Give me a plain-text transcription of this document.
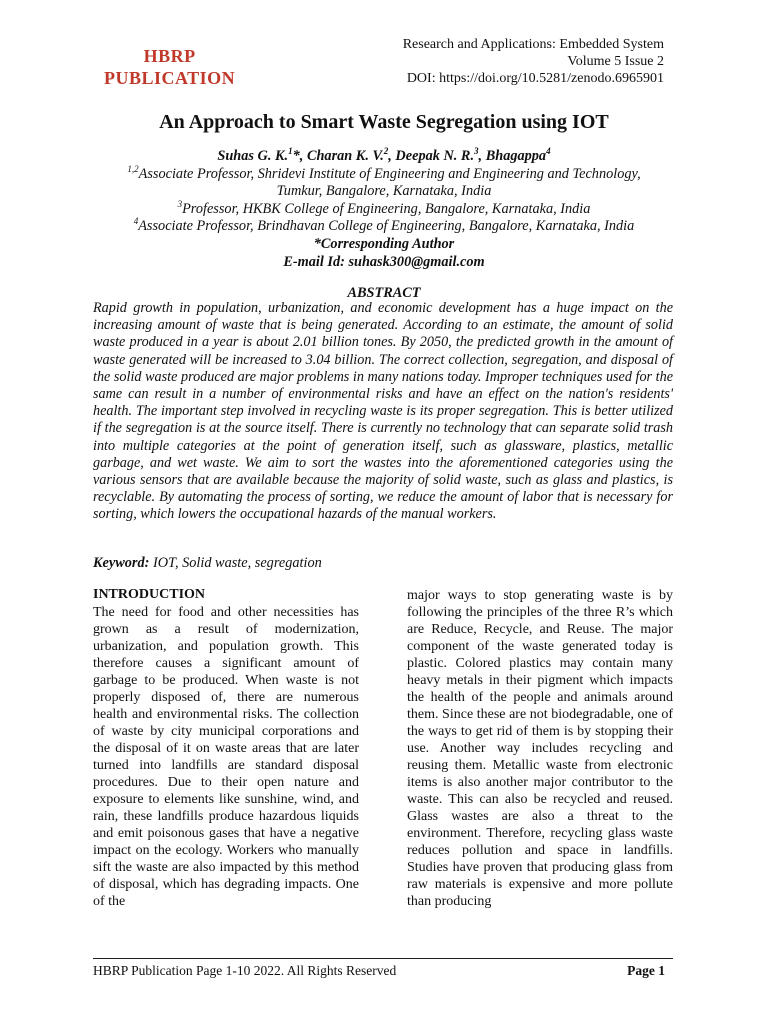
HBRP
PUBLICATION
Research and Applications: Embedded System
Volume 5 Issue 2
DOI: https://doi.org/10.5281/zenodo.6965901
An Approach to Smart Waste Segregation using IOT
Suhas G. K.$^1$*, Charan K. V.$^2$, Deepak N. R.$^3$, Bhagappa$^4$
$^{1,2}$Associate Professor, Shridevi Institute of Engineering and Engineering and Technology,
Tumkur, Bangalore, Karnataka, India
$^3$Professor, HKBK College of Engineering, Bangalore, Karnataka, India
$^4$Associate Professor, Brindhavan College of Engineering, Bangalore, Karnataka, India
*Corresponding Author
E-mail Id: suhask300@gmail.com
ABSTRACT

Rapid growth in population, urbanization, and economic development has a huge impact on the increasing amount of waste that is being generated. According to an estimate, the amount of solid waste produced in a year is about 2.01 billion tones. By 2050, the predicted growth in the amount of waste generated will be increased to 3.04 billion. The correct collection, segregation, and disposal of the solid waste produced are major problems in many nations today. Improper techniques used for the same can result in a number of environmental risks and have an effect on the nation's residents' health. The important step involved in recycling waste is its proper segregation. This is better utilized if the segregation is at the source itself. There is currently no technology that can separate solid trash into multiple categories at the point of generation itself, such as glassware, plastics, metallic garbage, and wet waste. We aim to sort the wastes into the aforementioned categories using the various sensors that are available because the majority of solid waste, such as glass and plastics, is recyclable. By automating the process of sorting, we reduce the amount of labor that is necessary for sorting, which lowers the occupational hazards of the manual workers.

Keyword: IOT, Solid waste, segregation
INTRODUCTION

The need for food and other necessities has grown as a result of modernization, urbanization, and population growth. This therefore causes a significant amount of garbage to be produced. When waste is not properly disposed of, there are numerous health and environmental risks. The collection of waste by city municipal corporations and the disposal of it on waste areas that are later turned into landfills are standard disposal procedures. Due to their open nature and exposure to elements like sunshine, wind, and rain, these landfills produce hazardous liquids and emit poisonous gases that have a negative impact on the ecology. Workers who manually sift the waste are also impacted by this method of disposal, which has degrading impacts. One of the

major ways to stop generating waste is by following the principles of the three R’s which are Reduce, Recycle, and Reuse. The major component of the waste generated today is plastic. Colored plastics may contain many heavy metals in their pigment which impacts the health of the people and animals around them. Since these are not biodegradable, one of the ways to get rid of them is by stopping their use. Another way includes recycling and reusing them. Metallic waste from electronic items is also another major contributor to the waste. This can also be recycled and reused. Glass wastes are also a threat to the environment. Therefore, recycling glass waste reduces pollution and space in landfills. Studies have proven that producing glass from raw materials is expensive and more pollute than producing

HBRP Publication Page 1-10 2022. All Rights Reserved	Page 1
